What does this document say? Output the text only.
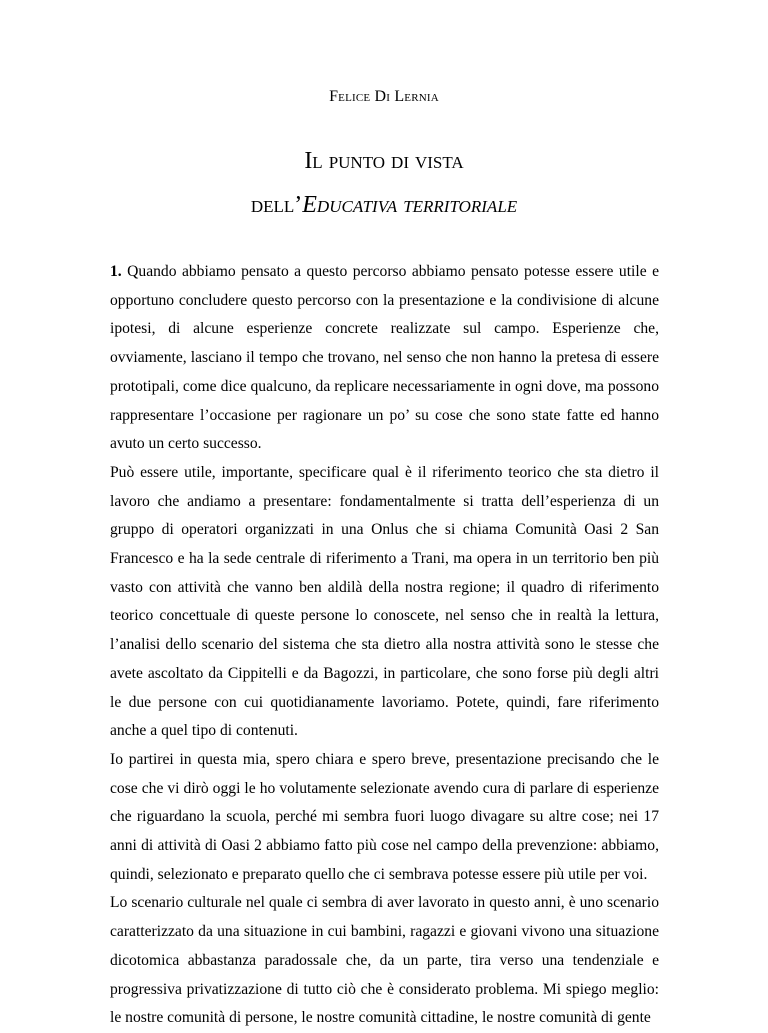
Felice Di Lernia
Il punto di vista
dell’Educativa territoriale

1. Quando abbiamo pensato a questo percorso abbiamo pensato potesse essere utile e opportuno concludere questo percorso con la presentazione e la condivisione di alcune ipotesi, di alcune esperienze concrete realizzate sul campo. Esperienze che, ovviamente, lasciano il tempo che trovano, nel senso che non hanno la pretesa di essere prototipali, come dice qualcuno, da replicare necessariamente in ogni dove, ma possono rappresentare l’occasione per ragionare un po’ su cose che sono state fatte ed hanno avuto un certo successo.

Può essere utile, importante, specificare qual è il riferimento teorico che sta dietro il lavoro che andiamo a presentare: fondamentalmente si tratta dell’esperienza di un gruppo di operatori organizzati in una Onlus che si chiama Comunità Oasi 2 San Francesco e ha la sede centrale di riferimento a Trani, ma opera in un territorio ben più vasto con attività che vanno ben aldilà della nostra regione; il quadro di riferimento teorico concettuale di queste persone lo conoscete, nel senso che in realtà la lettura, l’analisi dello scenario del sistema che sta dietro alla nostra attività sono le stesse che avete ascoltato da Cippitelli e da Bagozzi, in particolare, che sono forse più degli altri le due persone con cui quotidianamente lavoriamo. Potete, quindi, fare riferimento anche a quel tipo di contenuti.

Io partirei in questa mia, spero chiara e spero breve, presentazione precisando che le cose che vi dirò oggi le ho volutamente selezionate avendo cura di parlare di esperienze che riguardano la scuola, perché mi sembra fuori luogo divagare su altre cose; nei 17 anni di attività di Oasi 2 abbiamo fatto più cose nel campo della prevenzione: abbiamo, quindi, selezionato e preparato quello che ci sembrava potesse essere più utile per voi.

Lo scenario culturale nel quale ci sembra di aver lavorato in questo anni, è uno scenario caratterizzato da una situazione in cui bambini, ragazzi e giovani vivono una situazione dicotomica abbastanza paradossale che, da un parte, tira verso una tendenziale e progressiva privatizzazione di tutto ciò che è considerato problema. Mi spiego meglio: le nostre comunità di persone, le nostre comunità cittadine, le nostre comunità di gente
